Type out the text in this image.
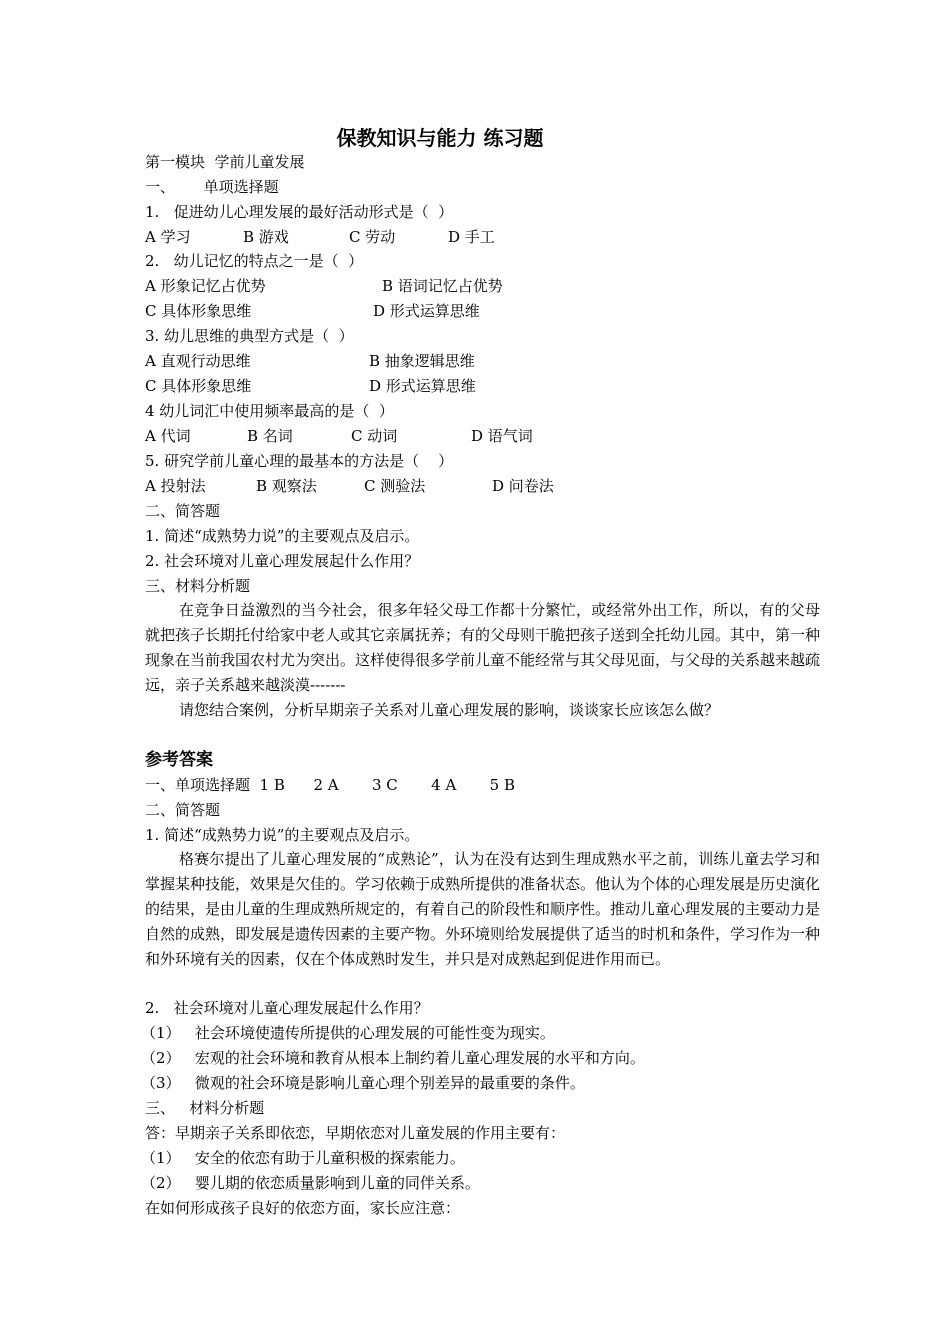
保教知识与能力 练习题
第一模块  学前儿童发展
一、      单项选择题
1.   促进幼儿心理发展的最好活动形式是（  ）
A 学习	B 游戏	C 劳动	D 手工
2.   幼儿记忆的特点之一是（  ）
A 形象记忆占优势	B 语词记忆占优势
C 具体形象思维	D 形式运算思维
3. 幼儿思维的典型方式是（  ）
A 直观行动思维	B 抽象逻辑思维
C 具体形象思维	D 形式运算思维
4 幼儿词汇中使用频率最高的是（  ）
A 代词	B 名词	C 动词	D 语气词
5. 研究学前儿童心理的最基本的方法是（    ）
A 投射法	B 观察法	C 测验法	D 问卷法
二、简答题
1. 简述“成熟势力说”的主要观点及启示。
2. 社会环境对儿童心理发展起什么作用？
三、材料分析题
在竞争日益激烈的当今社会，很多年轻父母工作都十分繁忙，或经常外出工作，所以，有的父母就把孩子长期托付给家中老人或其它亲属抚养；有的父母则干脆把孩子送到全托幼儿园。其中，第一种现象在当前我国农村尤为突出。这样使得很多学前儿童不能经常与其父母见面，与父母的关系越来越疏远，亲子关系越来越淡漠-------
请您结合案例，分析早期亲子关系对儿童心理发展的影响，谈谈家长应该怎么做？
参考答案
一、单项选择题  1 B      2 A       3 C       4 A       5 B
二、简答题
1. 简述“成熟势力说”的主要观点及启示。
格赛尔提出了儿童心理发展的“成熟论”，认为在没有达到生理成熟水平之前，训练儿童去学习和掌握某种技能，效果是欠佳的。学习依赖于成熟所提供的准备状态。他认为个体的心理发展是历史演化的结果，是由儿童的生理成熟所规定的，有着自己的阶段性和顺序性。推动儿童心理发展的主要动力是自然的成熟，即发展是遗传因素的主要产物。外环境则给发展提供了适当的时机和条件，学习作为一种和外环境有关的因素，仅在个体成熟时发生，并只是对成熟起到促进作用而已。
2.   社会环境对儿童心理发展起什么作用？
（1）   社会环境使遗传所提供的心理发展的可能性变为现实。
（2）   宏观的社会环境和教育从根本上制约着儿童心理发展的水平和方向。
（3）   微观的社会环境是影响儿童心理个别差异的最重要的条件。
三、   材料分析题
答：早期亲子关系即依恋，早期依恋对儿童发展的作用主要有：
（1）   安全的依恋有助于儿童积极的探索能力。
（2）   婴儿期的依恋质量影响到儿童的同伴关系。
在如何形成孩子良好的依恋方面，家长应注意：
